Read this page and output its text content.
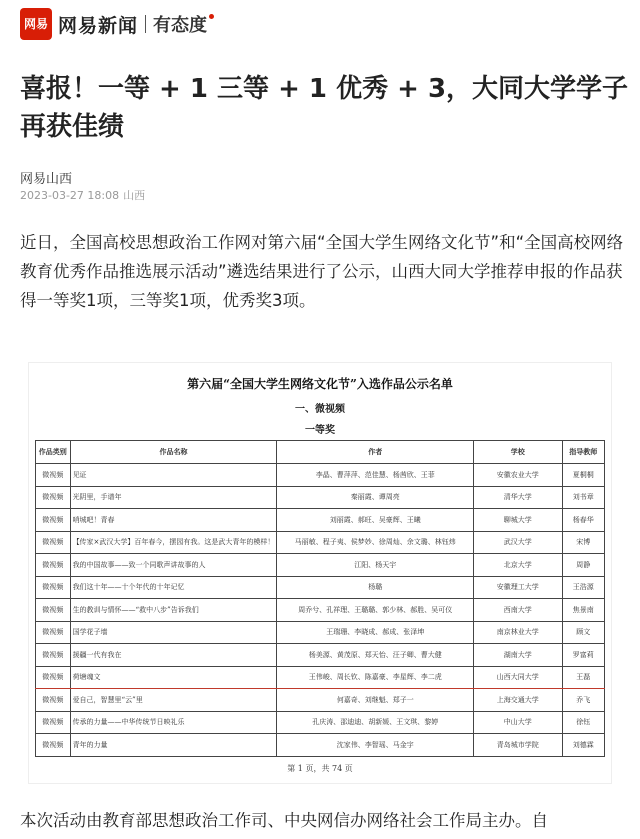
网易 网易新闻 有态度
喜报！一等 + 1 三等 + 1 优秀 + 3，大同大学学子再获佳绩
网易山西
2023-03-27 18:08 山西

近日，全国高校思想政治工作网对第六届“全国大学生网络文化节”和“全国高校网络教育优秀作品推选展示活动”遴选结果进行了公示，山西大同大学推荐申报的作品获得一等奖1项，三等奖1项，优秀奖3项。

第六届“全国大学生网络文化节”入选作品公示名单
一、微视频
一等奖
作品类别	作品名称	作者	学校	指导教师
微视频	见证	李晶、曹萍萍、范佳慧、杨茜欣、王菲	安徽农业大学	夏桐桐
微视频	光阴里，手谱年	秦丽霞、谭周亮	清华大学	刘书章
微视频	哨城吧！青春	刘丽霞、郝旺、吴豪辉、王曦	聊城大学	杨春华
微视频	【传家×武汉大学】百年春今，摆园有我。这是武大青年的模样！	马丽敏、程子夷、侯梦妙、徐周灿、余文璐、林钰炜	武汉大学	宋博
微视频	我的中国故事——致一个同歌声讲故事的人	江阳、杨天宇	北京大学	周静
微视频	我们这十年——十个年代的十年记忆	杨璐	安徽理工大学	王浩源
微视频	生的教训与情怀——“救中八步”告诉我们	周乔兮、孔祥理、王璐璐、郭少林、郝胜、吴可仪	西南大学	焦景南
微视频	国学花子墙	王瑞珊、李晓成、郝成、张泽坤	南京林业大学	顾文
微视频	援疆一代有我在	杨美源、黄茂原、郑天怡、汪子卿、曹大健	湖南大学	罗富莉
微视频	荷塘魂文	王伟峻、周长钦、陈嘉豪、李星辉、李二虎	山西大同大学	王磊
微视频	爱自己，智慧里“云”里	何嘉奇、刘继魁、郑子一	上海交通大学	乔飞
微视频	传承的力量——中华传统节日映礼乐	孔庆涛、邵迪迪、胡新媛、王文琪、黎婷	中山大学	徐钰
微视频	青年的力量	沈家伟、李智瑶、马金宇	青岛城市学院	刘德霖
第 1 页，共 74 页

本次活动由教育部思想政治工作司、中央网信办网络社会工作局主办。自
